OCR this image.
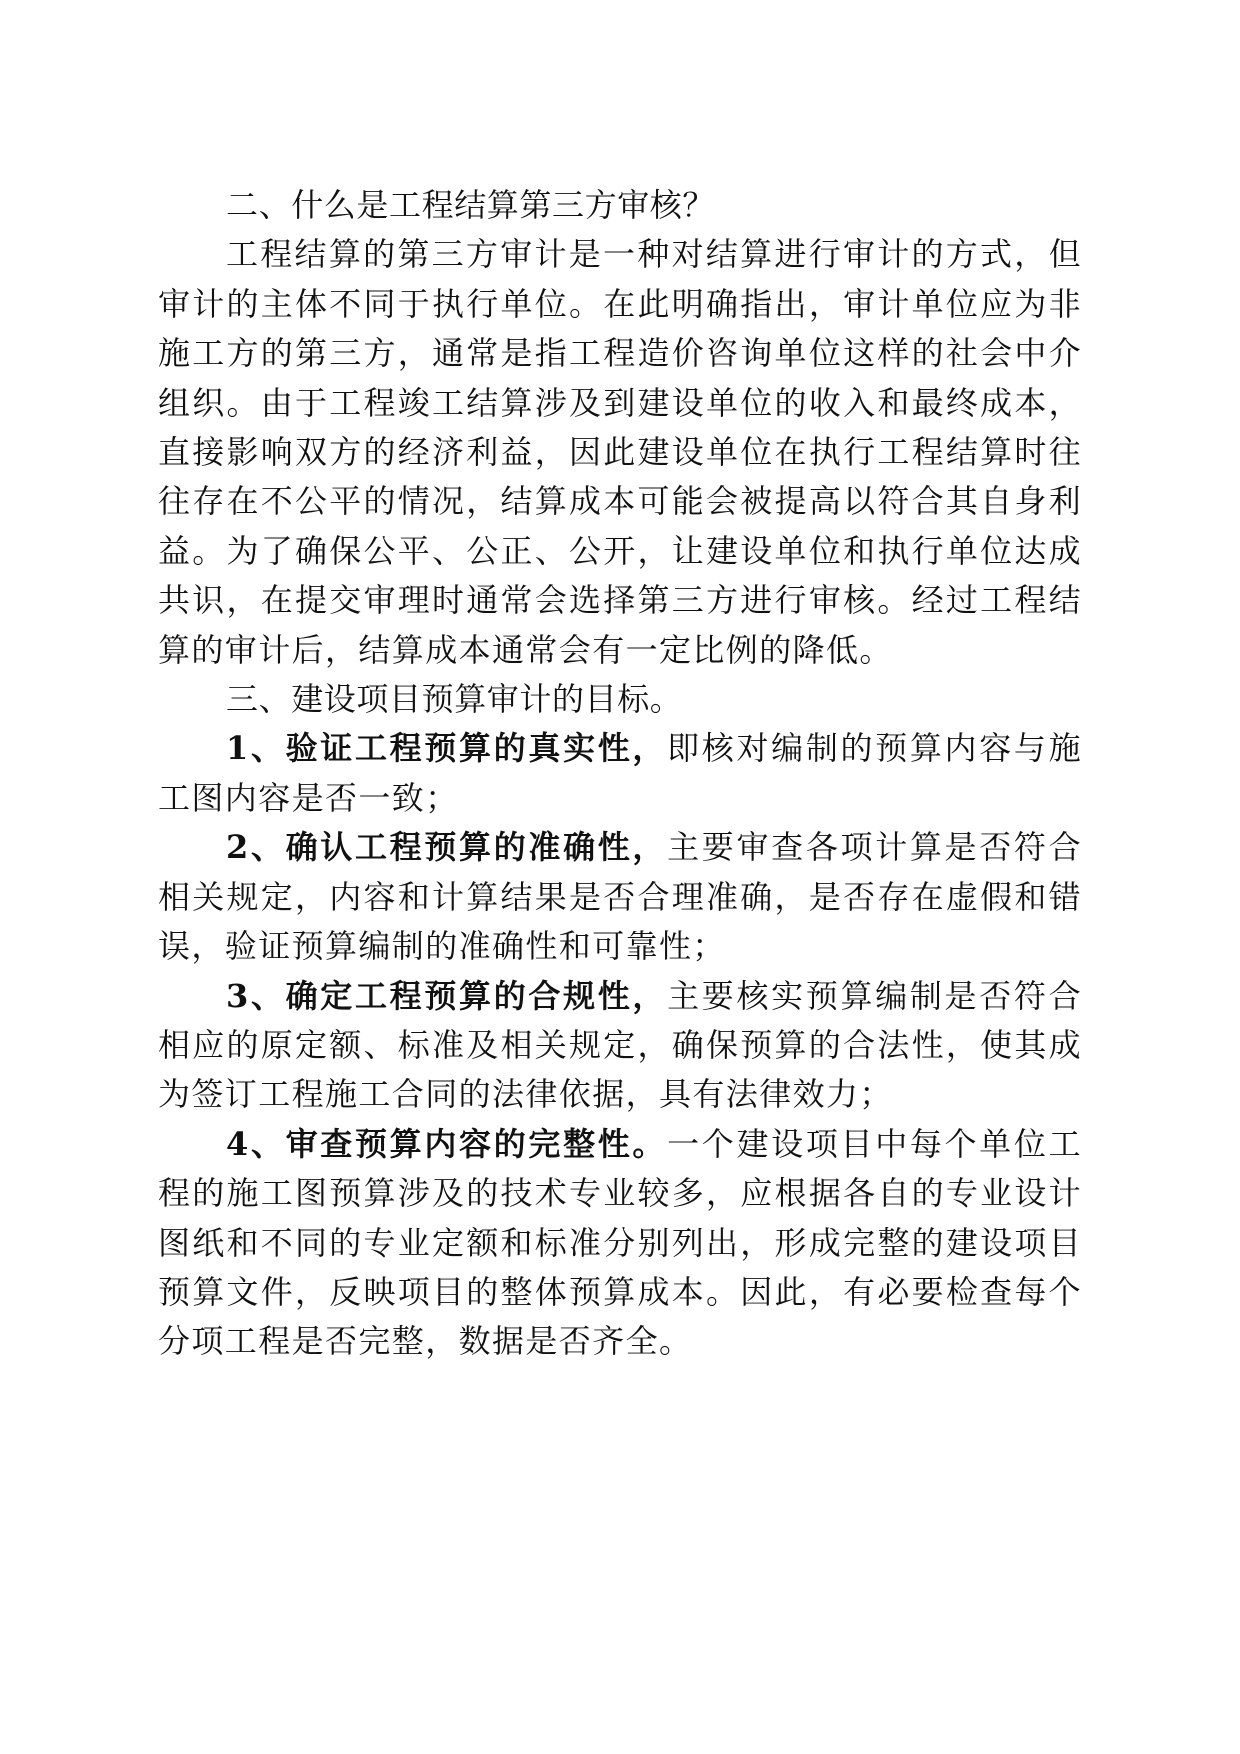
二、什么是工程结算第三方审核？

工程结算的第三方审计是一种对结算进行审计的方式，但审计的主体不同于执行单位。在此明确指出，审计单位应为非施工方的第三方，通常是指工程造价咨询单位这样的社会中介组织。由于工程竣工结算涉及到建设单位的收入和最终成本，直接影响双方的经济利益，因此建设单位在执行工程结算时往往存在不公平的情况，结算成本可能会被提高以符合其自身利益。为了确保公平、公正、公开，让建设单位和执行单位达成共识，在提交审理时通常会选择第三方进行审核。经过工程结算的审计后，结算成本通常会有一定比例的降低。

三、建设项目预算审计的目标。

1、验证工程预算的真实性，即核对编制的预算内容与施工图内容是否一致；

2、确认工程预算的准确性，主要审查各项计算是否符合相关规定，内容和计算结果是否合理准确，是否存在虚假和错误，验证预算编制的准确性和可靠性；

3、确定工程预算的合规性，主要核实预算编制是否符合相应的原定额、标准及相关规定，确保预算的合法性，使其成为签订工程施工合同的法律依据，具有法律效力；

4、审查预算内容的完整性。一个建设项目中每个单位工程的施工图预算涉及的技术专业较多，应根据各自的专业设计图纸和不同的专业定额和标准分别列出，形成完整的建设项目预算文件，反映项目的整体预算成本。因此，有必要检查每个分项工程是否完整，数据是否齐全。
